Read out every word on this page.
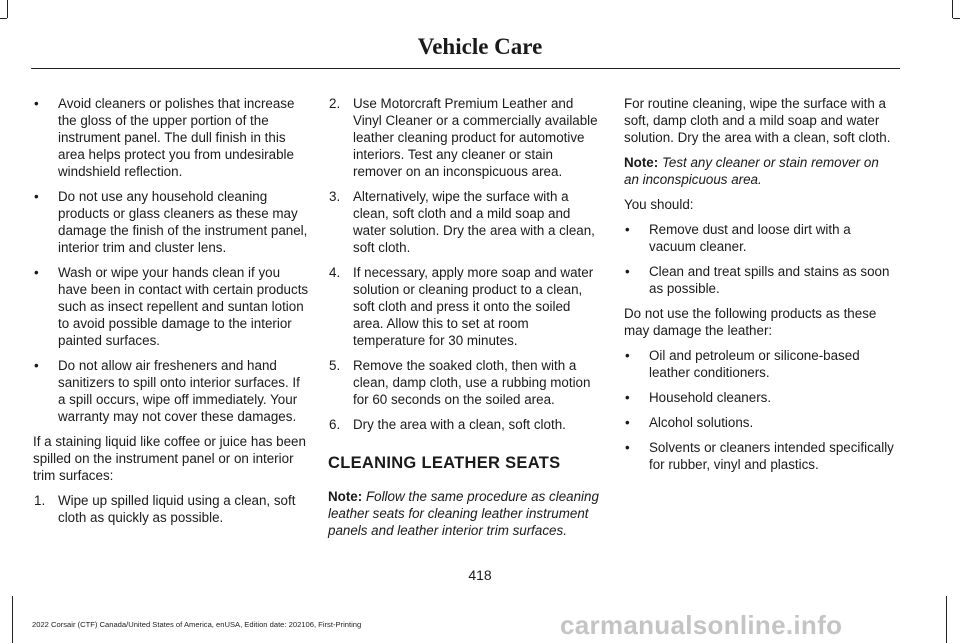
Vehicle Care
• Avoid cleaners or polishes that increase the gloss of the upper portion of the instrument panel. The dull finish in this area helps protect you from undesirable windshield reflection.
• Do not use any household cleaning products or glass cleaners as these may damage the finish of the instrument panel, interior trim and cluster lens.
• Wash or wipe your hands clean if you have been in contact with certain products such as insect repellent and suntan lotion to avoid possible damage to the interior painted surfaces.
• Do not allow air fresheners and hand sanitizers to spill onto interior surfaces. If a spill occurs, wipe off immediately. Your warranty may not cover these damages.

If a staining liquid like coffee or juice has been spilled on the instrument panel or on interior trim surfaces:

1. Wipe up spilled liquid using a clean, soft cloth as quickly as possible.
2. Use Motorcraft Premium Leather and Vinyl Cleaner or a commercially available leather cleaning product for automotive interiors. Test any cleaner or stain remover on an inconspicuous area.
3. Alternatively, wipe the surface with a clean, soft cloth and a mild soap and water solution. Dry the area with a clean, soft cloth.
4. If necessary, apply more soap and water solution or cleaning product to a clean, soft cloth and press it onto the soiled area. Allow this to set at room temperature for 30 minutes.
5. Remove the soaked cloth, then with a clean, damp cloth, use a rubbing motion for 60 seconds on the soiled area.
6. Dry the area with a clean, soft cloth.
CLEANING LEATHER SEATS

Note: Follow the same procedure as cleaning leather seats for cleaning leather instrument panels and leather interior trim surfaces.

For routine cleaning, wipe the surface with a soft, damp cloth and a mild soap and water solution. Dry the area with a clean, soft cloth.

Note: Test any cleaner or stain remover on an inconspicuous area.

You should:

• Remove dust and loose dirt with a vacuum cleaner.
• Clean and treat spills and stains as soon as possible.

Do not use the following products as these may damage the leather:

• Oil and petroleum or silicone-based leather conditioners.
• Household cleaners.
• Alcohol solutions.
• Solvents or cleaners intended specifically for rubber, vinyl and plastics.
418
2022 Corsair (CTF) Canada/United States of America, enUSA, Edition date: 202106, First-Printing	carmanualsonline.info
